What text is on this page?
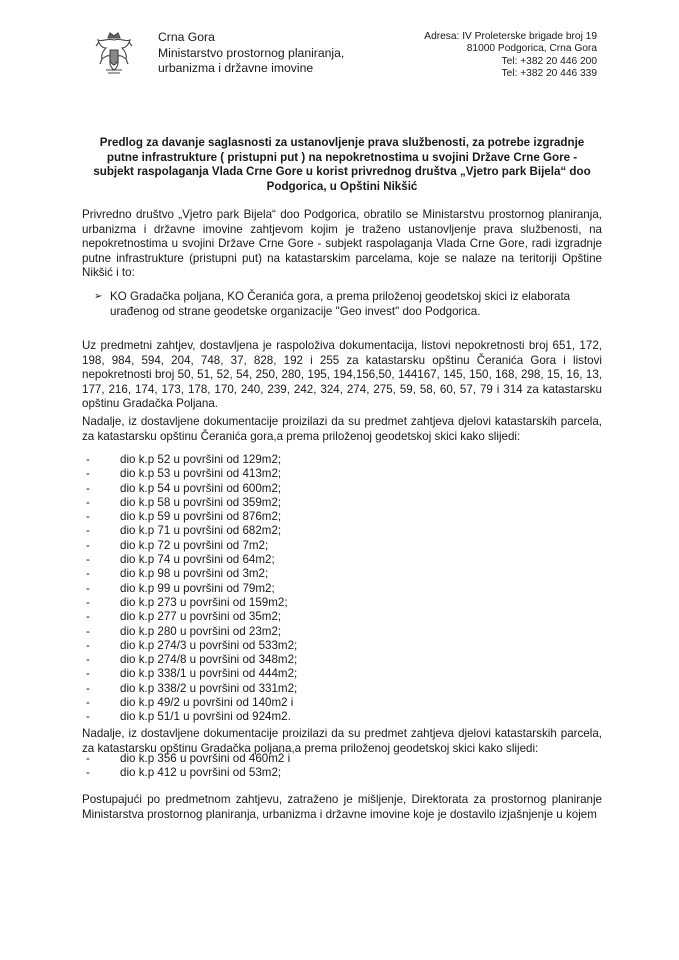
Crna Gora
Ministarstvo prostornog planiranja,
urbanizma i državne imovine
Adresa: IV Proleterske brigade broj 19
81000 Podgorica, Crna Gora
Tel: +382 20 446 200
Tel: +382 20 446 339
Predlog za davanje saglasnosti za ustanovljenje prava službenosti, za potrebe izgradnje
putne infrastrukture ( pristupni put ) na nepokretnostima u svojini Države Crne Gore -
subjekt raspolaganja Vlada Crne Gore u korist privrednog društva „Vjetro park Bijela“ doo
Podgorica, u Opštini Nikšić
Privredno društvo „Vjetro park Bijela“ doo Podgorica, obratilo se Ministarstvu prostornog planiranja, urbanizma i državne imovine zahtjevom kojim je traženo ustanovljenje prava službenosti, na nepokretnostima u svojini Države Crne Gore - subjekt raspolaganja Vlada Crne Gore, radi izgradnje putne infrastrukture (pristupni put) na katastarskim parcelama, koje se nalaze na teritoriji Opštine Nikšić i to:
➢ KO Gradačka poljana, KO Čeranića gora, a prema priloženoj geodetskoj skici iz elaborata urađenog od strane geodetske organizacije "Geo invest" doo Podgorica.
Uz predmetni zahtjev, dostavljena je raspoloživa dokumentacija, listovi nepokretnosti broj 651, 172, 198, 984, 594, 204, 748, 37, 828, 192 i 255 za katastarsku opštinu Čeranića Gora i listovi nepokretnosti broj 50, 51, 52, 54, 250, 280, 195, 194,156,50, 144167, 145, 150, 168, 298, 15, 16, 13, 177, 216, 174, 173, 178, 170, 240, 239, 242, 324, 274, 275, 59, 58, 60, 57, 79 i 314 za katastarsku opštinu Gradačka Poljana.
Nadalje, iz dostavljene dokumentacije proizilazi da su predmet zahtjeva djelovi katastarskih parcela, za katastarsku opštinu Čeranića gora,a prema priloženoj geodetskoj skici kako slijedi:
-	dio k.p 52 u površini od 129m2;
-	dio k.p 53 u površini od 413m2;
-	dio k.p 54 u površini od 600m2;
-	dio k.p 58 u površini od 359m2;
-	dio k.p 59 u površini od 876m2;
-	dio k.p 71 u površini od 682m2;
-	dio k.p 72 u površini od 7m2;
-	dio k.p 74 u površini od 64m2;
-	dio k.p 98 u površini od 3m2;
-	dio k.p 99 u površini od 79m2;
-	dio k.p 273 u površini od 159m2;
-	dio k.p 277 u površini od 35m2;
-	dio k.p 280 u površini od 23m2;
-	dio k.p 274/3 u površini od 533m2;
-	dio k.p 274/8 u površini od 348m2;
-	dio k.p 338/1 u površini od 444m2;
-	dio k.p 338/2 u površini od 331m2;
-	dio k.p 49/2 u površini od 140m2 i
-	dio k.p 51/1 u površini od 924m2.
Nadalje, iz dostavljene dokumentacije proizilazi da su predmet zahtjeva djelovi katastarskih parcela, za katastarsku opštinu Gradačka poljana,a prema priloženoj geodetskoj skici kako slijedi:
-	dio k.p 356 u površini od 460m2 i
-	dio k.p 412 u površini od 53m2;
Postupajući po predmetnom zahtjevu, zatraženo je mišljenje, Direktorata za prostornog planiranje Ministarstva prostornog planiranja, urbanizma i državne imovine koje je dostavilo izjašnjenje u kojem
